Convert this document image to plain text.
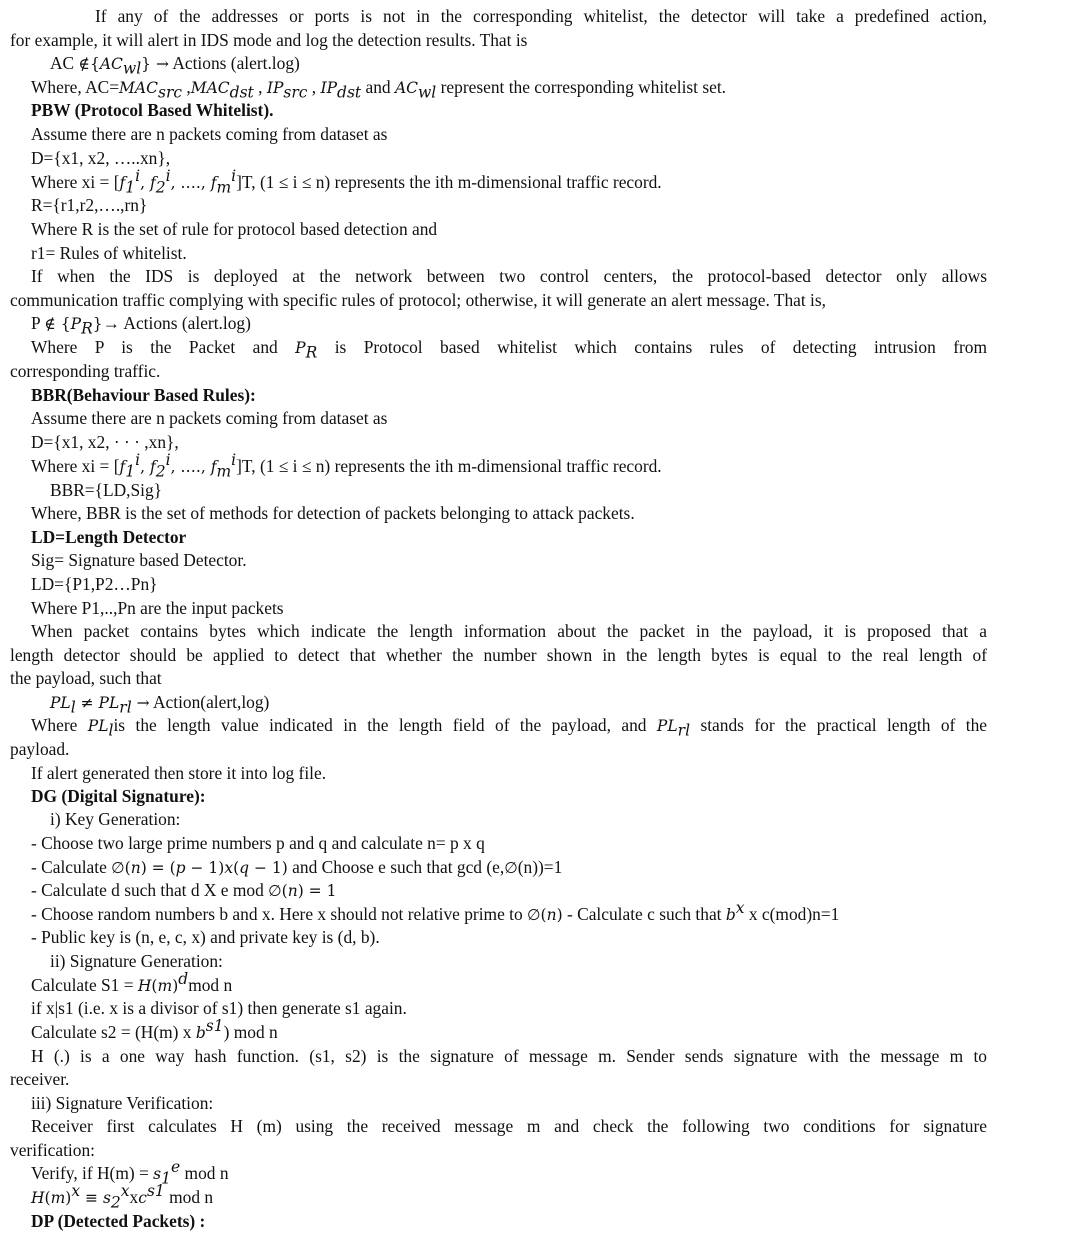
If any of the addresses or ports is not in the corresponding whitelist, the detector will take a predefined action,
for example, it will alert in IDS mode and log the detection results. That is
AC $\notin\{AC_{wl}\}$ → Actions (alert.log)
Where, $AC=MAC_{src}$ $,MAC_{dst}$ , $IP_{src}$ , $IP_{dst}$ and $AC_{wl}$ represent the corresponding whitelist set.
PBW (Protocol Based Whitelist).
Assume there are n packets coming from dataset as
D={x1, x2, …..xn},
Where xi = [$f_1^i$, $f_2^i$, …., $f_m^i]T$, (1 ≤ i ≤ n) represents the ith m-dimensional traffic record.
R={r1,r2,….,rn}
Where R is the set of rule for protocol based detection and
r1= Rules of whitelist.
If when the IDS is deployed at the network between two control centers, the protocol-based detector only allows
communication traffic complying with specific rules of protocol; otherwise, it will generate an alert message. That is,
P ∉ $\{P_R\}\to$ Actions (alert.log)
Where P is the Packet and $P_R$ is Protocol based whitelist which contains rules of detecting intrusion from
corresponding traffic.
BBR(Behaviour Based Rules):
Assume there are n packets coming from dataset as
D={x1, x2, · · · ,xn},
Where xi = [$f_1^i$, $f_2^i$, …., $f_m^i]T$, (1 ≤ i ≤ n) represents the ith m-dimensional traffic record.
BBR={LD,Sig}
Where, BBR is the set of methods for detection of packets belonging to attack packets.
LD=Length Detector
Sig= Signature based Detector.
LD={P1,P2…Pn}
Where P1,..,Pn are the input packets
When packet contains bytes which indicate the length information about the packet in the payload, it is proposed that a
length detector should be applied to detect that whether the number shown in the length bytes is equal to the real length of
the payload, such that
$PL_l \ne PL_{rl}$ → Action(alert,log)
Where $PL_lis$ the length value indicated in the length field of the payload, and $PL_{rl}$ stands for the practical length of the
payload.
If alert generated then store it into log file.
DG (Digital Signature):
i) Key Generation:
- Choose two large prime numbers p and q and calculate n= p x q
- Calculate ∅(n) = (p − 1)x(q − 1) and Choose e such that gcd (e,∅(n))=1
- Calculate d such that d X e mod ∅(n) = 1
- Choose random numbers b and x. Here x should not relative prime to ∅(n) - Calculate c such that $b^x$ x c(mod)n=1
- Public key is (n, e, c, x) and private key is (d, b).
ii) Signature Generation:
Calculate $S1 = H(m)^dmod$ n
if x|s1 (i.e. x is a divisor of s1) then generate s1 again.
Calculate s2 = (H(m) x $b^{s1}$) mod n
H (.) is a one way hash function. (s1, s2) is the signature of message m. Sender sends signature with the message m to
receiver.
iii) Signature Verification:
Receiver first calculates H (m) using the received message m and check the following two conditions for signature
verification:
Verify, if $H(m) = s_1^e$ mod n
$H(m)^x \equiv s_2^xxc^{s1}$ mod n
DP (Detected Packets) :
